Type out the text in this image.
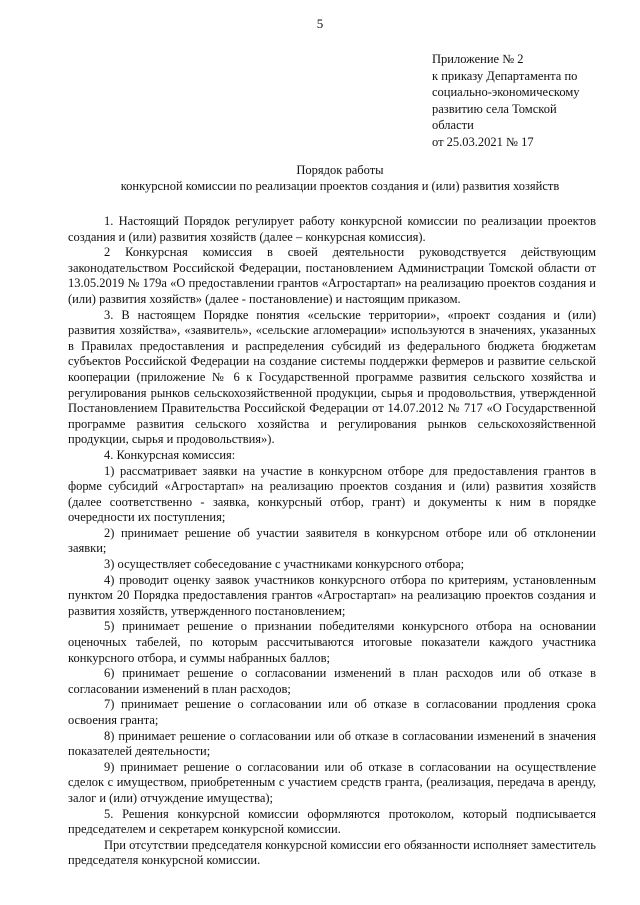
5
Приложение № 2
к приказу Департамента по
социально-экономическому
развитию села Томской
области
от 25.03.2021 № 17
Порядок работы
конкурсной комиссии по реализации проектов создания и (или) развития хозяйств

1. Настоящий Порядок регулирует работу конкурсной комиссии по реализации проектов создания и (или) развития хозяйств (далее – конкурсная комиссия).

2 Конкурсная комиссия в своей деятельности руководствуется действующим законодательством Российской Федерации, постановлением Администрации Томской области от 13.05.2019 № 179а «О предоставлении грантов «Агростартап» на реализацию проектов создания и (или) развития хозяйств» (далее - постановление) и настоящим приказом.

3. В настоящем Порядке понятия «сельские территории», «проект создания и (или) развития хозяйства», «заявитель», «сельские агломерации» используются в значениях, указанных в Правилах предоставления и распределения субсидий из федерального бюджета бюджетам субъектов Российской Федерации на создание системы поддержки фермеров и развитие сельской кооперации (приложение № 6 к Государственной программе развития сельского хозяйства и регулирования рынков сельскохозяйственной продукции, сырья и продовольствия, утвержденной Постановлением Правительства Российской Федерации от 14.07.2012 № 717 «О Государственной программе развития сельского хозяйства и регулирования рынков сельскохозяйственной продукции, сырья и продовольствия»).

4. Конкурсная комиссия:

1) рассматривает заявки на участие в конкурсном отборе для предоставления грантов в форме субсидий «Агростартап» на реализацию проектов создания и (или) развития хозяйств (далее соответственно - заявка, конкурсный отбор, грант) и документы к ним в порядке очередности их поступления;

2) принимает решение об участии заявителя в конкурсном отборе или об отклонении заявки;

3) осуществляет собеседование с участниками конкурсного отбора;

4) проводит оценку заявок участников конкурсного отбора по критериям, установленным пунктом 20 Порядка предоставления грантов «Агростартап» на реализацию проектов создания и развития хозяйств, утвержденного постановлением;

5) принимает решение о признании победителями конкурсного отбора на основании оценочных табелей, по которым рассчитываются итоговые показатели каждого участника конкурсного отбора, и суммы набранных баллов;

6) принимает решение о согласовании изменений в план расходов или об отказе в согласовании изменений в план расходов;

7) принимает решение о согласовании или об отказе в согласовании продления срока освоения гранта;

8) принимает решение о согласовании или об отказе в согласовании изменений в значения показателей деятельности;

9) принимает решение о согласовании или об отказе в согласовании на осуществление сделок с имуществом, приобретенным с участием средств гранта, (реализация, передача в аренду, залог и (или) отчуждение имущества);

5. Решения конкурсной комиссии оформляются протоколом, который подписывается председателем и секретарем конкурсной комиссии.

При отсутствии председателя конкурсной комиссии его обязанности исполняет заместитель председателя конкурсной комиссии.
